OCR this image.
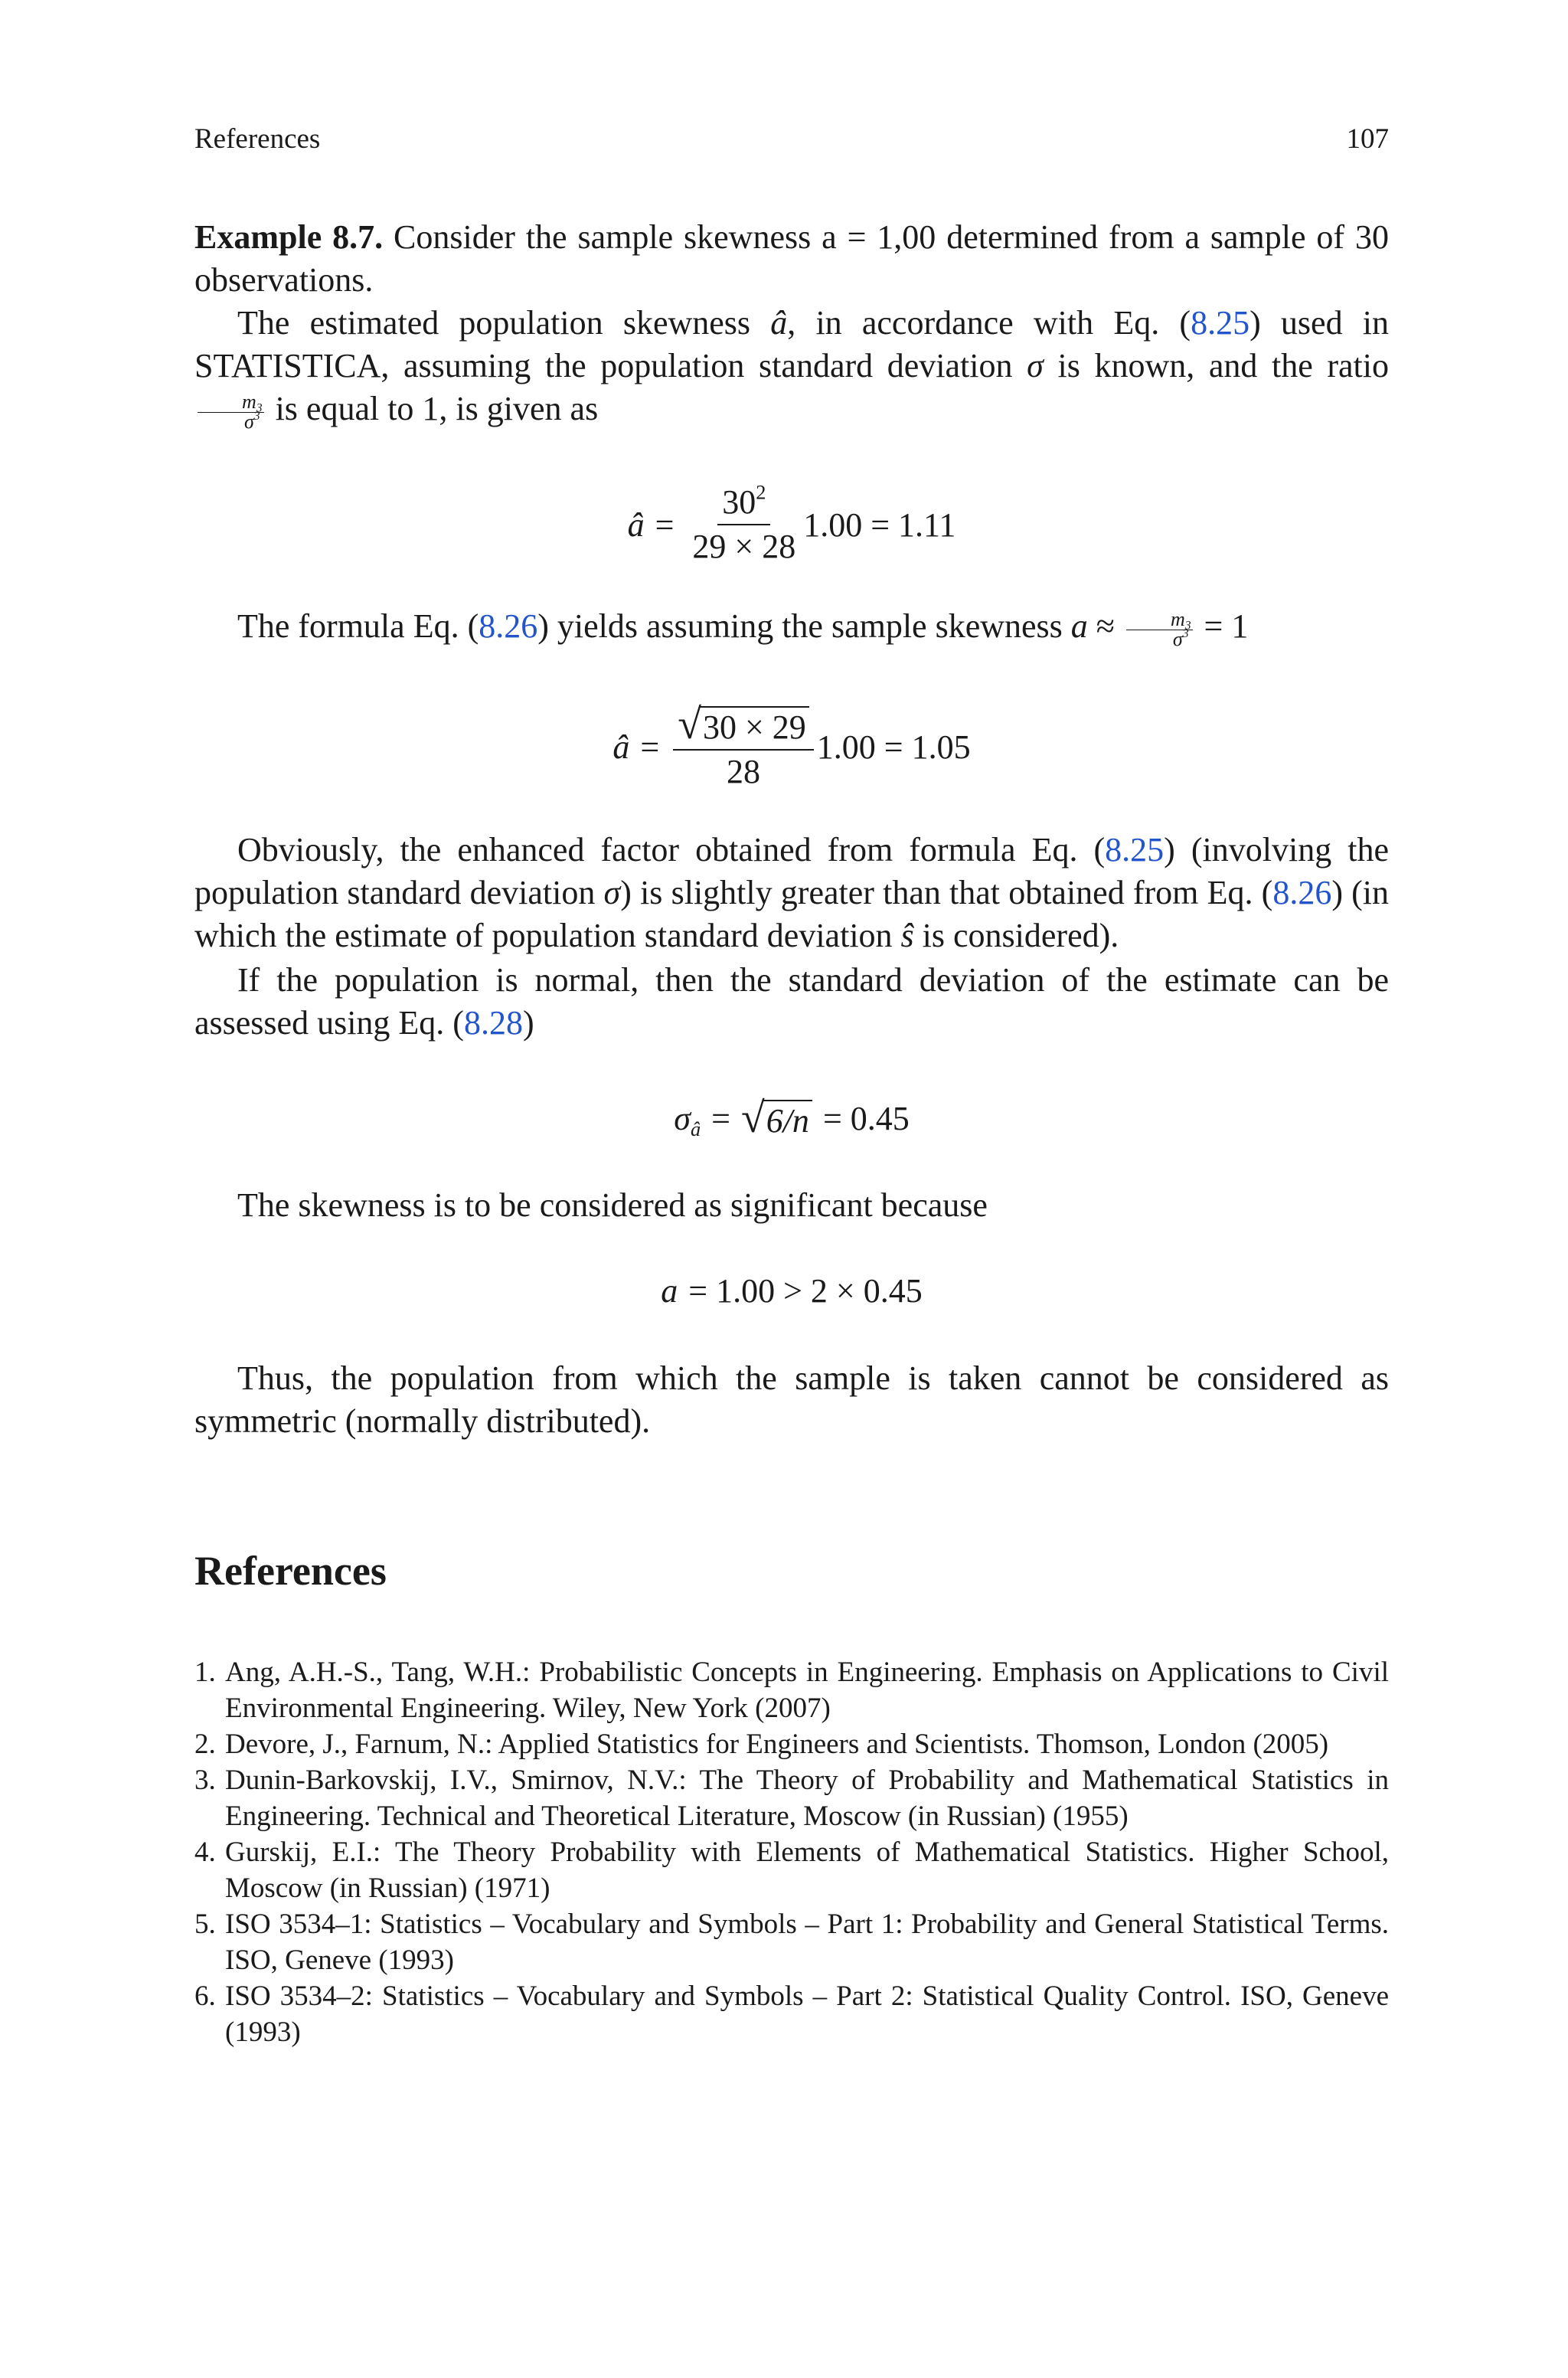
References	107
Example 8.7. Consider the sample skewness a = 1,00 determined from a sample of 30 observations.
The estimated population skewness â, in accordance with Eq. (8.25) used in STATISTICA, assuming the population standard deviation σ is known, and the ratio
$\frac{m_3}{\sigma^3}$ is equal to 1, is given as
â = $\frac{30^2}{29 \times 28} 1.00 = 1.11$
The formula Eq. (8.26) yields assuming the sample skewness $a \approx \frac{m_3}{\sigma^3} = 1$
â = $\frac{√ 30 \times 29}{28} 1.00 = 1.05$
Obviously, the enhanced factor obtained from formula Eq. (8.25) (involving the population standard deviation σ) is slightly greater than that obtained from Eq. (8.26) (in which the estimate of population standard deviation ŝ is considered).
If the population is normal, then the standard deviation of the estimate can be assessed using Eq. (8.28)
$\sigma_â$ = √ 6/n = 0.45
The skewness is to be considered as significant because
a = 1.00 > 2 × 0.45
Thus, the population from which the sample is taken cannot be considered as symmetric (normally distributed).
References
1. Ang, A.H.-S., Tang, W.H.: Probabilistic Concepts in Engineering. Emphasis on Applications to Civil Environmental Engineering. Wiley, New York (2007)
2. Devore, J., Farnum, N.: Applied Statistics for Engineers and Scientists. Thomson, London (2005)
3. Dunin-Barkovskij, I.V., Smirnov, N.V.: The Theory of Probability and Mathematical Statistics in Engineering. Technical and Theoretical Literature, Moscow (in Russian) (1955)
4. Gurskij, E.I.: The Theory Probability with Elements of Mathematical Statistics. Higher School, Moscow (in Russian) (1971)
5. ISO 3534–1: Statistics – Vocabulary and Symbols – Part 1: Probability and General Statistical Terms. ISO, Geneve (1993)
6. ISO 3534–2: Statistics – Vocabulary and Symbols – Part 2: Statistical Quality Control. ISO, Geneve (1993)
